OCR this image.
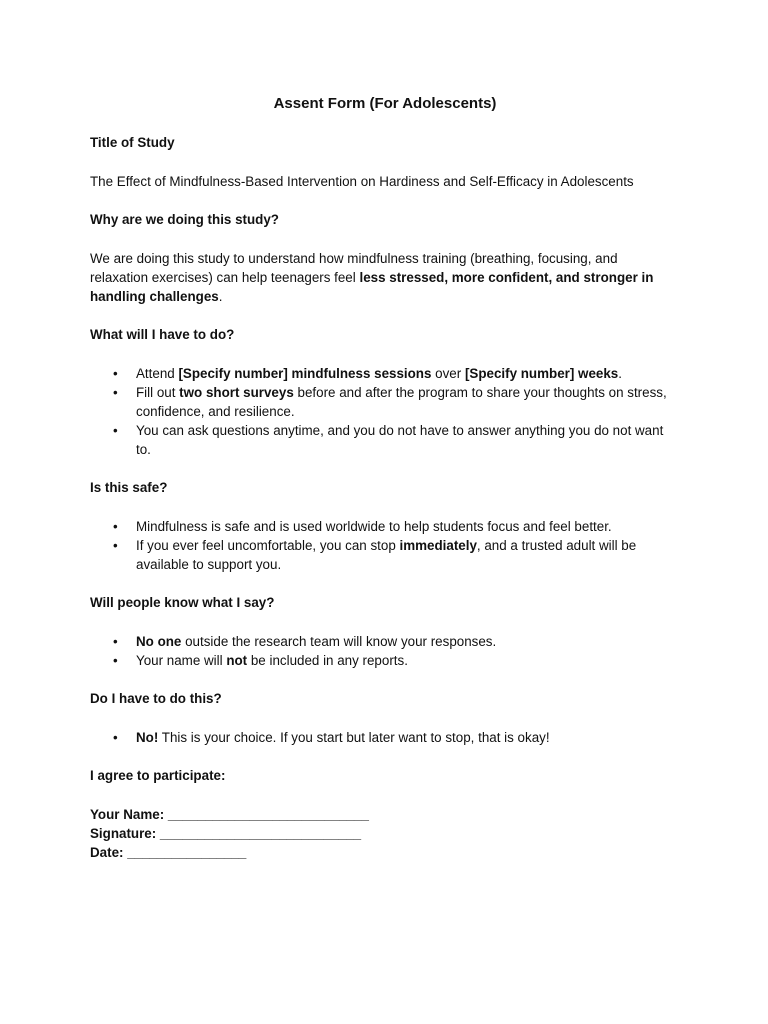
Assent Form (For Adolescents)

Title of Study

The Effect of Mindfulness-Based Intervention on Hardiness and Self-Efficacy in Adolescents

Why are we doing this study?

We are doing this study to understand how mindfulness training (breathing, focusing, and relaxation exercises) can help teenagers feel less stressed, more confident, and stronger in handling challenges.

What will I have to do?

• Attend [Specify number] mindfulness sessions over [Specify number] weeks.
• Fill out two short surveys before and after the program to share your thoughts on stress, confidence, and resilience.
• You can ask questions anytime, and you do not have to answer anything you do not want to.

Is this safe?

• Mindfulness is safe and is used worldwide to help students focus and feel better.
• If you ever feel uncomfortable, you can stop immediately, and a trusted adult will be available to support you.

Will people know what I say?

• No one outside the research team will know your responses.
• Your name will not be included in any reports.

Do I have to do this?

• No! This is your choice. If you start but later want to stop, that is okay!

I agree to participate:

Your Name: ___________________________

Signature: ___________________________

Date: ________________
